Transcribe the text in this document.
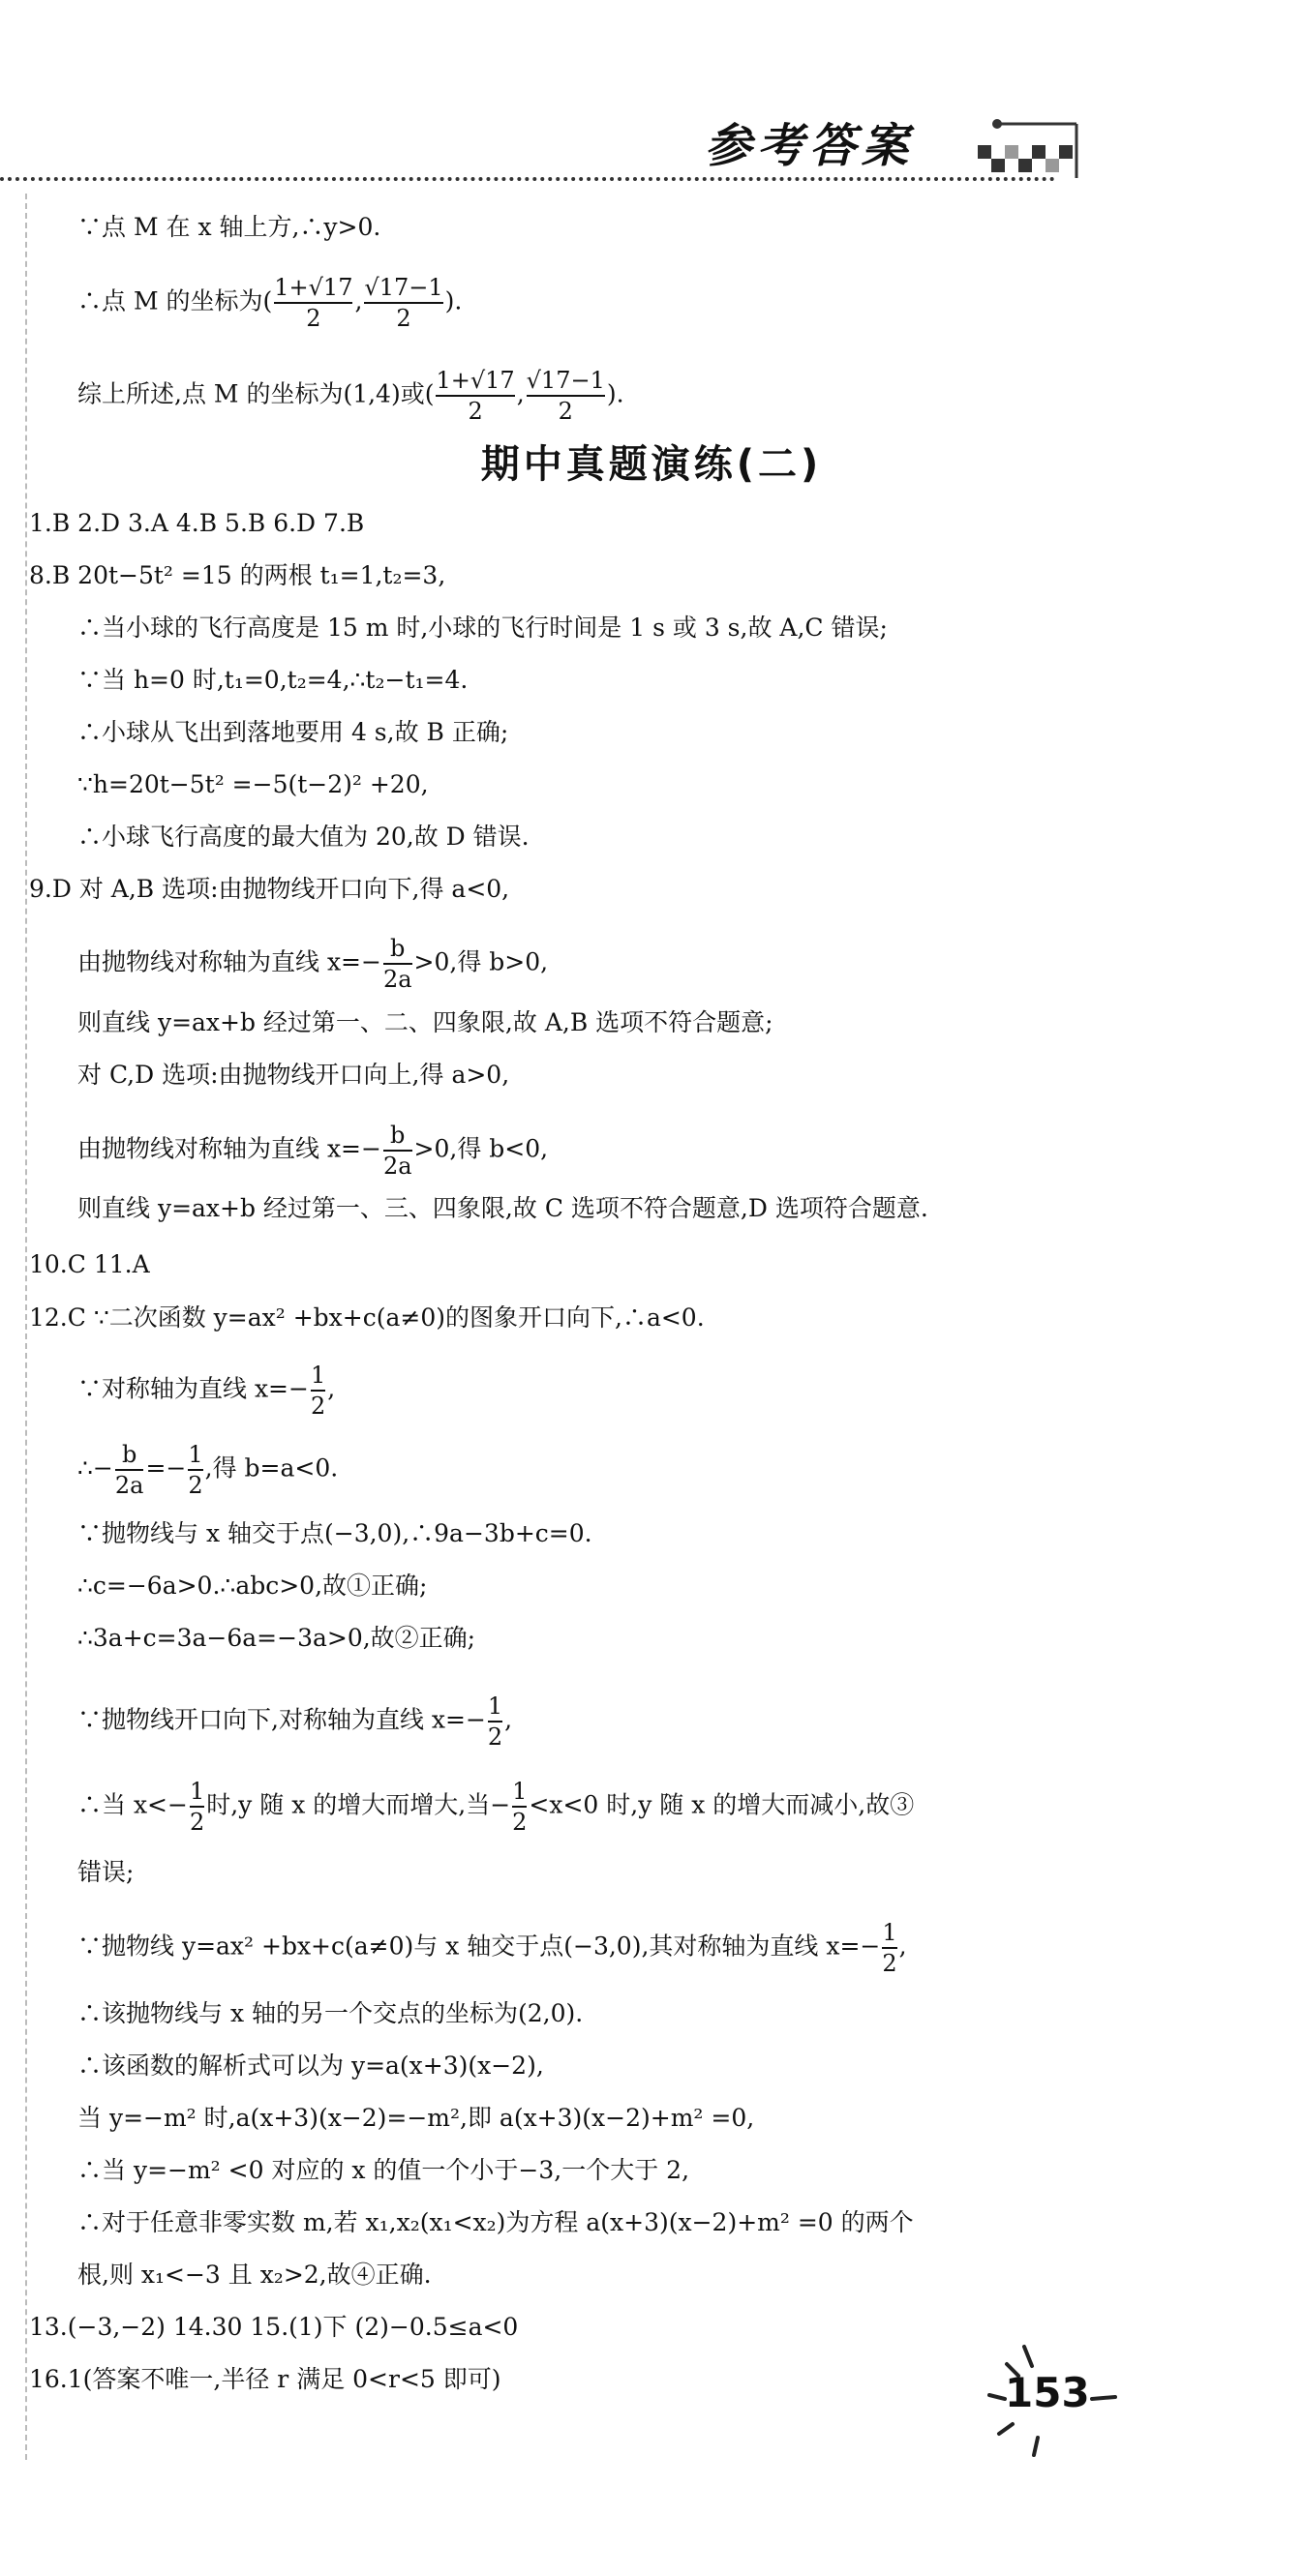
参考答案
∵点 M 在 x 轴上方,∴y>0.
∴点 M 的坐标为( $\frac{1+√17}{2}$ , $\frac{√17-1}{2}$ ).
综上所述,点 M 的坐标为(1,4)或( $\frac{1+√17}{2}$ , $\frac{√17-1}{2}$ ).
期中真题演练(二)
1.B 2.D 3.A 4.B 5.B 6.D 7.B
8.B 20t−5t² =15 的两根 t₁=1,t₂=3,
∴当小球的飞行高度是 15 m 时,小球的飞行时间是 1 s 或 3 s,故 A,C 错误;
∵当 h=0 时,t₁=0,t₂=4,∴t₂−t₁=4.
∴小球从飞出到落地要用 4 s,故 B 正确;
∵h=20t−5t² =−5(t−2)² +20,
∴小球飞行高度的最大值为 20,故 D 错误.
9.D 对 A,B 选项:由抛物线开口向下,得 a<0,
由抛物线对称轴为直线 $x=- \frac{b}{2a} >0$,得 b>0,
则直线 y=ax+b 经过第一、二、四象限,故 A,B 选项不符合题意;
对 C,D 选项:由抛物线开口向上,得 a>0,
由抛物线对称轴为直线 $x=- \frac{b}{2a} >0$,得 b<0,
则直线 y=ax+b 经过第一、三、四象限,故 C 选项不符合题意,D 选项符合题意.
10.C 11.A
12.C ∵二次函数 y=ax² +bx+c(a≠0)的图象开口向下,∴a<0.
∵对称轴为直线 $x=- \frac{1}{2}$ ,
∴− $\frac{b}{2a} =- \frac{1}{2}$ ,得 b=a<0.
∵抛物线与 x 轴交于点(−3,0),∴9a−3b+c=0.
∴c=−6a>0.∴abc>0,故①正确;
∴3a+c=3a−6a=−3a>0,故②正确;
∵抛物线开口向下,对称轴为直线 $x=- \frac{1}{2}$ ,
∴当 $x<- \frac{1}{2}$ 时,y 随 x 的增大而增大,当− $\frac{1}{2} <x<0$ 时,y 随 x 的增大而减小,故③
错误;
∵抛物线 y=ax² +bx+c(a≠0)与 x 轴交于点(−3,0),其对称轴为直线 $x=- \frac{1}{2}$ ,
∴该抛物线与 x 轴的另一个交点的坐标为(2,0).
∴该函数的解析式可以为 y=a(x+3)(x−2),
当 y=−m² 时,a(x+3)(x−2)=−m²,即 a(x+3)(x−2)+m² =0,
∴当 y=−m² <0 对应的 x 的值一个小于−3,一个大于 2,
∴对于任意非零实数 m,若 x₁,x₂(x₁<x₂)为方程 a(x+3)(x−2)+m² =0 的两个
根,则 x₁<−3 且 x₂>2,故④正确.
13.(−3,−2) 14.30 15.(1)下 (2)−0.5≤a<0
16.1(答案不唯一,半径 r 满足 0<r<5 即可)	153
